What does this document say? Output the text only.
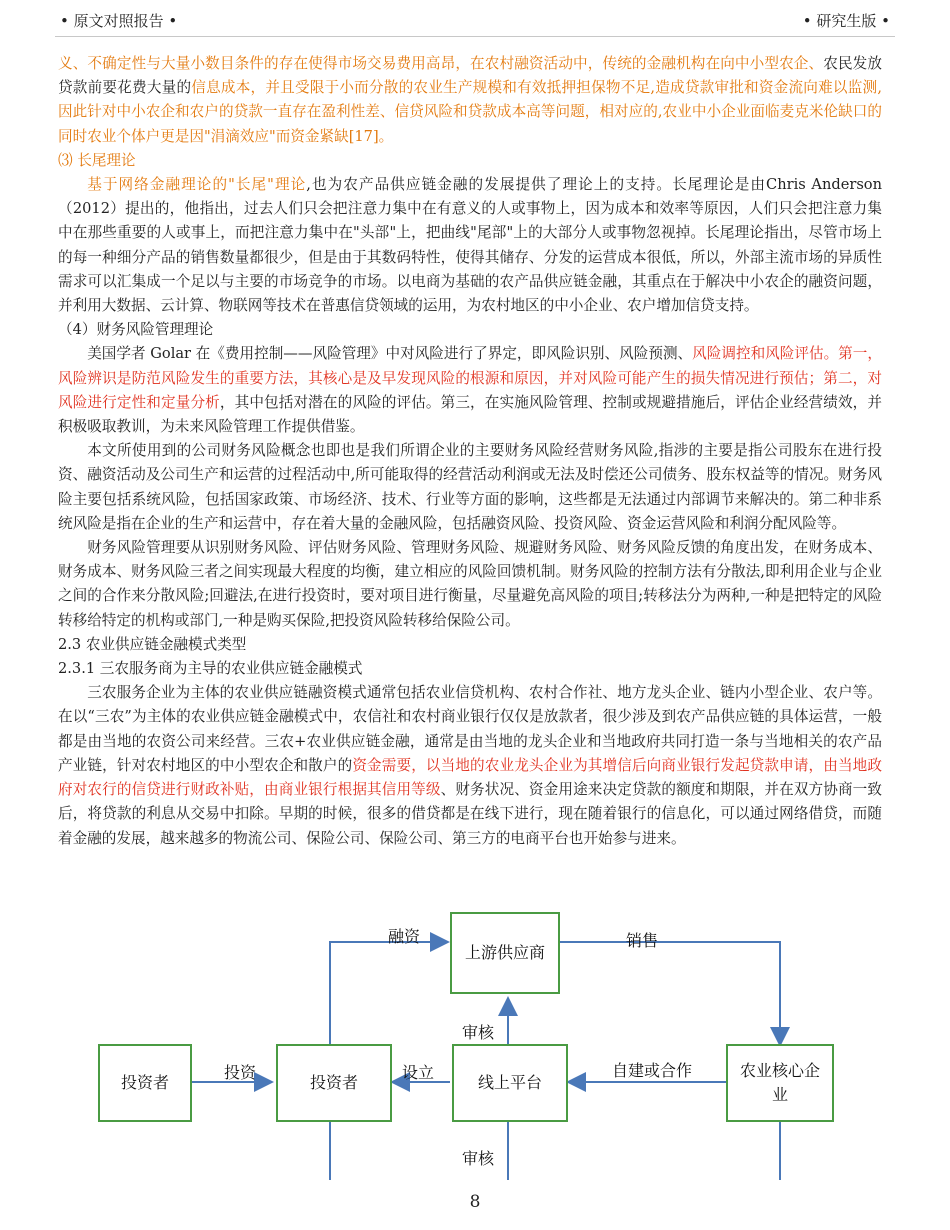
• 原文对照报告 •	• 研究生版 •

义、不确定性与大量小数目条件的存在使得市场交易费用高昂，在农村融资活动中，传统的金融机构在向中小型农企、农民发放贷款前要花费大量的信息成本，并且受限于小而分散的农业生产规模和有效抵押担保物不足,造成贷款审批和资金流向难以监测,因此针对中小农企和农户的贷款一直存在盈利性差、信贷风险和贷款成本高等问题，相对应的,农业中小企业面临麦克米伦缺口的同时农业个体户更是因"涓滴效应"而资金紧缺[17]。

⑶ 长尾理论

基于网络金融理论的"长尾"理论,也为农产品供应链金融的发展提供了理论上的支持。长尾理论是由Chris Anderson（2012）提出的，他指出，过去人们只会把注意力集中在有意义的人或事物上，因为成本和效率等原因，人们只会把注意力集中在那些重要的人或事上，而把注意力集中在"头部"上，把曲线"尾部"上的大部分人或事物忽视掉。长尾理论指出，尽管市场上的每一种细分产品的销售数量都很少，但是由于其数码特性，使得其储存、分发的运营成本很低，所以，外部主流市场的异质性需求可以汇集成一个足以与主要的市场竞争的市场。以电商为基础的农产品供应链金融，其重点在于解决中小农企的融资问题，并利用大数据、云计算、物联网等技术在普惠信贷领域的运用，为农村地区的中小企业、农户增加信贷支持。

（4）财务风险管理理论

美国学者 Golar 在《费用控制——风险管理》中对风险进行了界定，即风险识别、风险预测、风险调控和风险评估。第一，风险辨识是防范风险发生的重要方法，其核心是及早发现风险的根源和原因，并对风险可能产生的损失情况进行预估；第二，对风险进行定性和定量分析，其中包括对潜在的风险的评估。第三，在实施风险管理、控制或规避措施后，评估企业经营绩效，并积极吸取教训，为未来风险管理工作提供借鉴。

本文所使用到的公司财务风险概念也即也是我们所谓企业的主要财务风险经营财务风险,指涉的主要是指公司股东在进行投资、融资活动及公司生产和运营的过程活动中,所可能取得的经营活动利润或无法及时偿还公司债务、股东权益等的情况。财务风险主要包括系统风险，包括国家政策、市场经济、技术、行业等方面的影响，这些都是无法通过内部调节来解决的。第二种非系统风险是指在企业的生产和运营中，存在着大量的金融风险，包括融资风险、投资风险、资金运营风险和利润分配风险等。

财务风险管理要从识别财务风险、评估财务风险、管理财务风险、规避财务风险、财务风险反馈的角度出发，在财务成本、财务成本、财务风险三者之间实现最大程度的均衡，建立相应的风险回馈机制。财务风险的控制方法有分散法,即利用企业与企业之间的合作来分散风险;回避法,在进行投资时，要对项目进行衡量，尽量避免高风险的项目;转移法分为两种,一种是把特定的风险转移给特定的机构或部门,一种是购买保险,把投资风险转移给保险公司。

2.3 农业供应链金融模式类型

2.3.1 三农服务商为主导的农业供应链金融模式

三农服务企业为主体的农业供应链融资模式通常包括农业信贷机构、农村合作社、地方龙头企业、链内小型企业、农户等。在以“三农”为主体的农业供应链金融模式中，农信社和农村商业银行仅仅是放款者，很少涉及到农产品供应链的具体运营，一般都是由当地的农资公司来经营。三农+农业供应链金融，通常是由当地的龙头企业和当地政府共同打造一条与当地相关的农产品产业链，针对农村地区的中小型农企和散户的资金需要，以当地的农业龙头企业为其增信后向商业银行发起贷款申请，由当地政府对农行的信贷进行财政补贴，由商业银行根据其信用等级、财务状况、资金用途来决定贷款的额度和期限，并在双方协商一致后，将贷款的利息从交易中扣除。早期的时候，很多的借贷都是在线下进行，现在随着银行的信息化，可以通过网络借贷，而随着金融的发展，越来越多的物流公司、保险公司、保险公司、第三方的电商平台也开始参与进来。

上游供应商
投资者	投资者	线上平台
农业核心企业
融资	销售
审核
投资	设立	自建或合作
审核
8
